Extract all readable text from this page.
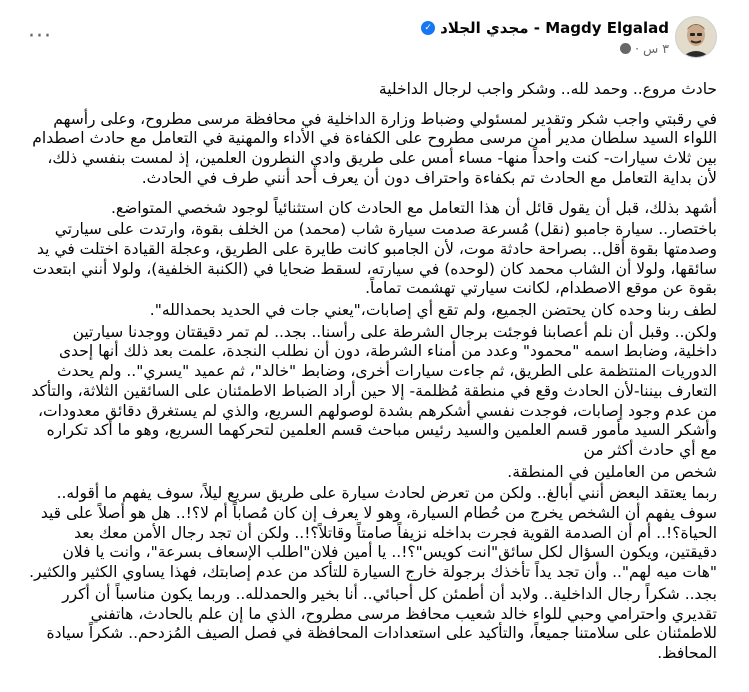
···	✓ مجدي الجلاد - Magdy Elgalad
· ٣ س

حادث مروع.. وحمد لله.. وشكر واجب لرجال الداخلية

في رقبتي واجب شكر وتقدير لمسئولي وضباط وزارة الداخلية في محافظة مرسى مطروح، وعلى رأسهم اللواء السيد سلطان مدير أمن مرسى مطروح على الكفاءة في الأداء والمهنية في التعامل مع حادث اصطدام بين ثلاث سيارات- كنت واحداً منها- مساء أمس على طريق وادي النطرون العلمين، إذ لمست بنفسي ذلك، لأن بداية التعامل مع الحادث تم بكفاءة واحتراف دون أن يعرف أحد أنني طرف في الحادث.

أشهد بذلك، قبل أن يقول قائل أن هذا التعامل مع الحادث كان استثنائياً لوجود شخصي المتواضع.

باختصار.. سيارة جامبو (نقل) مُسرعة صدمت سيارة شاب (محمد) من الخلف بقوة، وارتدت على سيارتي وصدمتها بقوة أقل.. بصراحة حادثة موت، لأن الجامبو كانت طايرة على الطريق، وعجلة القيادة اختلت في يد سائقها، ولولا أن الشاب محمد كان (لوحده) في سيارته، لسقط ضحايا في (الكنبة الخلفية)، ولولا أنني ابتعدت بقوة عن موقع الاصطدام، لكانت سيارتي تهشمت تماماً.

لطف ربنا وحده كان يحتضن الجميع، ولم تقع أي إصابات،"يعني جات في الحديد بحمدالله".

ولكن.. وقبل أن نلم أعصابنا فوجئت برجال الشرطة على رأسنا.. بجد.. لم تمر دقيقتان ووجدنا سيارتين داخلية، وضابط اسمه "محمود" وعدد من أمناء الشرطة، دون أن نطلب النجدة، علمت بعد ذلك أنها إحدى الدوريات المنتظمة على الطريق، ثم جاءت سيارات أخرى، وضابط "خالد"، ثم عميد "يسري".. ولم يحدث التعارف بيننا-لأن الحادث وقع في منطقة مُظلمة- إلا حين أراد الضباط الاطمئنان على السائقين الثلاثة، والتأكد من عدم وجود إصابات، فوجدت نفسي أشكرهم بشدة لوصولهم السريع، والذي لم يستغرق دقائق معدودات، وأشكر السيد مأمور قسم العلمين والسيد رئيس مباحث قسم العلمين لتحركهما السريع، وهو ما أكد تكراره مع أي حادث أكثر من

شخص من العاملين في المنطقة.

ربما يعتقد البعض أنني أبالغ.. ولكن من تعرض لحادث سيارة على طريق سريع ليلاً، سوف يفهم ما أقوله.. سوف يفهم أن الشخص يخرج من حُطام السيارة، وهو لا يعرف إن كان مُصاباً أم لا؟!.. هل هو أصلاً على قيد الحياة؟!.. أم أن الصدمة القوية فجرت بداخله نزيفاً صامتاً وقاتلاً؟!.. ولكن أن تجد رجال الأمن معك بعد دقيقتين، ويكون السؤال لكل سائق"انت كويس"؟!.. يا أمين فلان"اطلب الإسعاف بسرعة"، وانت يا فلان "هات ميه لهم".. وأن تجد يداً تأخذك برجولة خارج السيارة للتأكد من عدم إصابتك، فهذا يساوي الكثير والكثير.

بجد.. شكراً رجال الداخلية.. ولابد أن أطمئن كل أحبائي.. أنا بخير والحمدلله.. وربما يكون مناسباً أن أكرر تقديري واحترامي وحبي للواء خالد شعيب محافظ مرسى مطروح، الذي ما إن علم بالحادث، هاتفني للاطمئنان على سلامتنا جميعاً، والتأكيد على استعدادات المحافظة في فصل الصيف المُزدحم.. شكراً سيادة المحافظ.
